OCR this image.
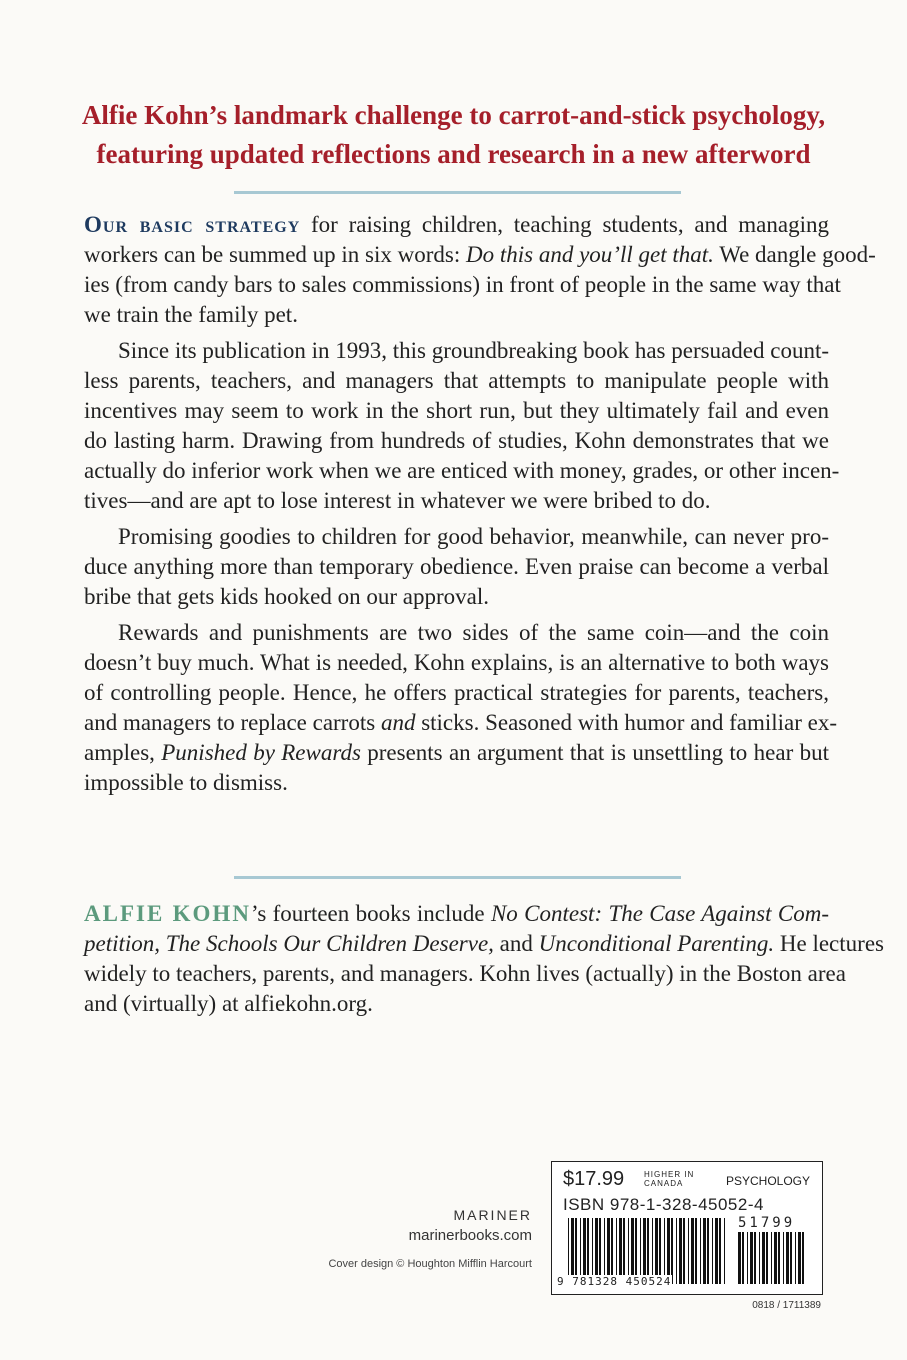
Alfie Kohn’s landmark challenge to carrot-and-stick psychology,
featuring updated reflections and research in a new afterword

Our basic strategy for raising children, teaching students, and managing
workers can be summed up in six words: Do this and you’ll get that. We dangle good-
ies (from candy bars to sales commissions) in front of people in the same way that
we train the family pet.

Since its publication in 1993, this groundbreaking book has persuaded count-
less parents, teachers, and managers that attempts to manipulate people with
incentives may seem to work in the short run, but they ultimately fail and even
do lasting harm. Drawing from hundreds of studies, Kohn demonstrates that we
actually do inferior work when we are enticed with money, grades, or other incen-
tives—and are apt to lose interest in whatever we were bribed to do.

Promising goodies to children for good behavior, meanwhile, can never pro-
duce anything more than temporary obedience. Even praise can become a verbal
bribe that gets kids hooked on our approval.

Rewards and punishments are two sides of the same coin—and the coin
doesn’t buy much. What is needed, Kohn explains, is an alternative to both ways
of controlling people. Hence, he offers practical strategies for parents, teachers,
and managers to replace carrots and sticks. Seasoned with humor and familiar ex-
amples, Punished by Rewards presents an argument that is unsettling to hear but
impossible to dismiss.

ALFIE KOHN’s fourteen books include No Contest: The Case Against Com-
petition, The Schools Our Children Deserve, and Unconditional Parenting. He lectures
widely to teachers, parents, and managers. Kohn lives (actually) in the Boston area
and (virtually) at alfiekohn.org.
MARINER
marinerbooks.com
Cover design © Houghton Mifflin Harcourt
$17.99 HIGHER IN
CANADA	PSYCHOLOGY
ISBN 978-1-328-45052-4
51799
9 781328 450524
0818 / 1711389
